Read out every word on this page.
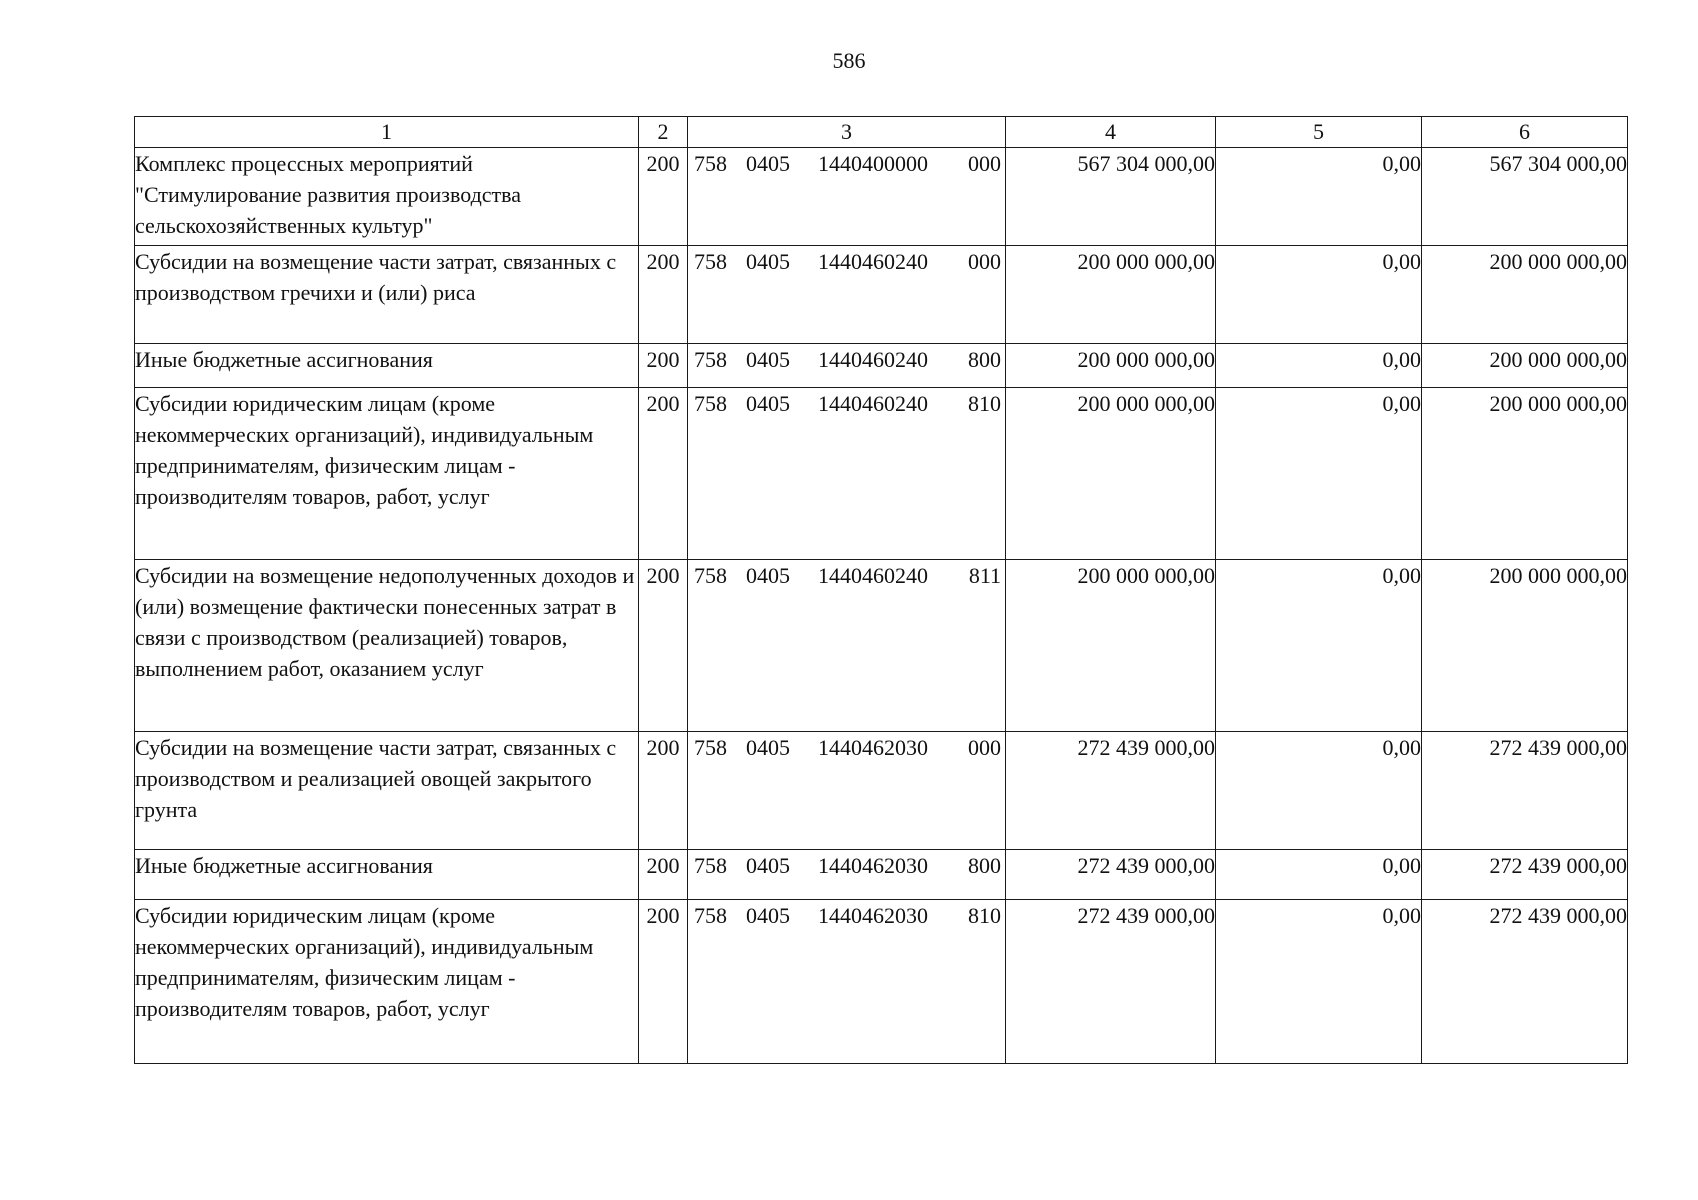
586
1	2	3	4	5	6
Комплекс процессных мероприятий "Стимулирование развития производства сельскохозяйственных культур"	200	758 0405 1440400000 000	567 304 000,00	0,00	567 304 000,00
Субсидии на возмещение части затрат, связанных с производством гречихи и (или) риса	200	758 0405 1440460240 000	200 000 000,00	0,00	200 000 000,00
Иные бюджетные ассигнования	200	758 0405 1440460240 800	200 000 000,00	0,00	200 000 000,00
Субсидии юридическим лицам (кроме некоммерческих организаций), индивидуальным предпринимателям, физическим лицам - производителям товаров, работ, услуг	200	758 0405 1440460240 810	200 000 000,00	0,00	200 000 000,00
Субсидии на возмещение недополученных доходов и (или) возмещение фактически понесенных затрат в связи с производством (реализацией) товаров, выполнением работ, оказанием услуг	200	758 0405 1440460240 811	200 000 000,00	0,00	200 000 000,00
Субсидии на возмещение части затрат, связанных с производством и реализацией овощей закрытого грунта	200	758 0405 1440462030 000	272 439 000,00	0,00	272 439 000,00
Иные бюджетные ассигнования	200	758 0405 1440462030 800	272 439 000,00	0,00	272 439 000,00
Субсидии юридическим лицам (кроме некоммерческих организаций), индивидуальным предпринимателям, физическим лицам - производителям товаров, работ, услуг	200	758 0405 1440462030 810	272 439 000,00	0,00	272 439 000,00
